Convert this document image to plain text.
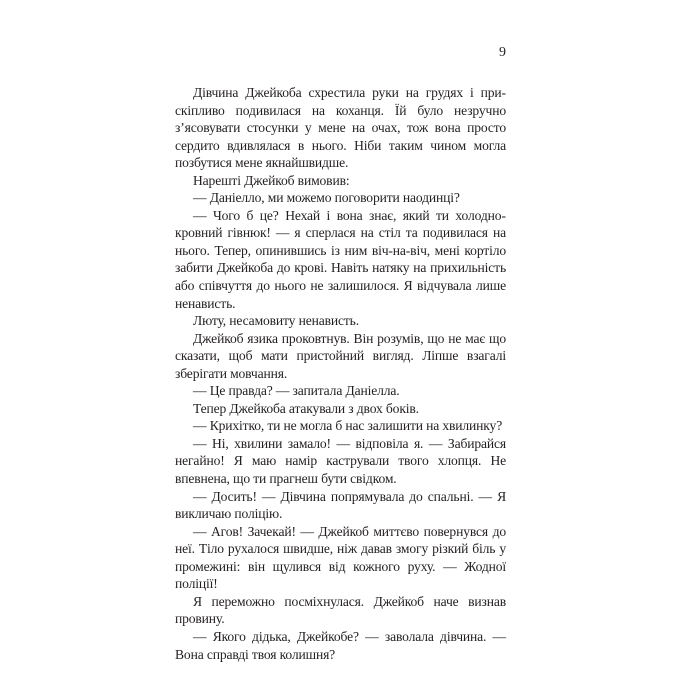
9

Дівчина Джейкоба схрестила руки на грудях і прискіпливо подивилася на коханця. Їй було незручно з’ясовувати стосунки у мене на очах, тож вона просто сердито вдивлялася в нього. Ніби таким чином могла позбутися мене якнайшвидше.

Нарешті Джейкоб вимовив:

— Даніелло, ми можемо поговорити наодинці?

— Чого б це? Нехай і вона знає, який ти холоднокровний гівнюк! — я сперлася на стіл та подивилася на нього. Тепер, опинившись із ним віч-на-віч, мені кортіло забити Джейкоба до крові. Навіть натяку на прихильність або співчуття до нього не залишилося. Я відчувала лише ненависть.

Люту, несамовиту ненависть.

Джейкоб язика проковтнув. Він розумів, що не має що сказати, щоб мати пристойний вигляд. Ліпше взагалі зберігати мовчання.

— Це правда? — запитала Даніелла.

Тепер Джейкоба атакували з двох боків.

— Крихітко, ти не могла б нас залишити на хвилинку?

— Ні, хвилини замало! — відповіла я. — Забирайся негайно! Я маю намір кастрували твого хлопця. Не впевнена, що ти прагнеш бути свідком.

— Досить! — Дівчина попрямувала до спальні. — Я викличаю поліцію.

— Агов! Зачекай! — Джейкоб миттєво повернувся до неї. Тіло рухалося швидше, ніж давав змогу різкий біль у промежині: він щулився від кожного руху. — Жодної поліції!

Я переможно посміхнулася. Джейкоб наче визнав провину.

— Якого дідька, Джейкобе? — заволала дівчина. — Вона справді твоя колишня?
